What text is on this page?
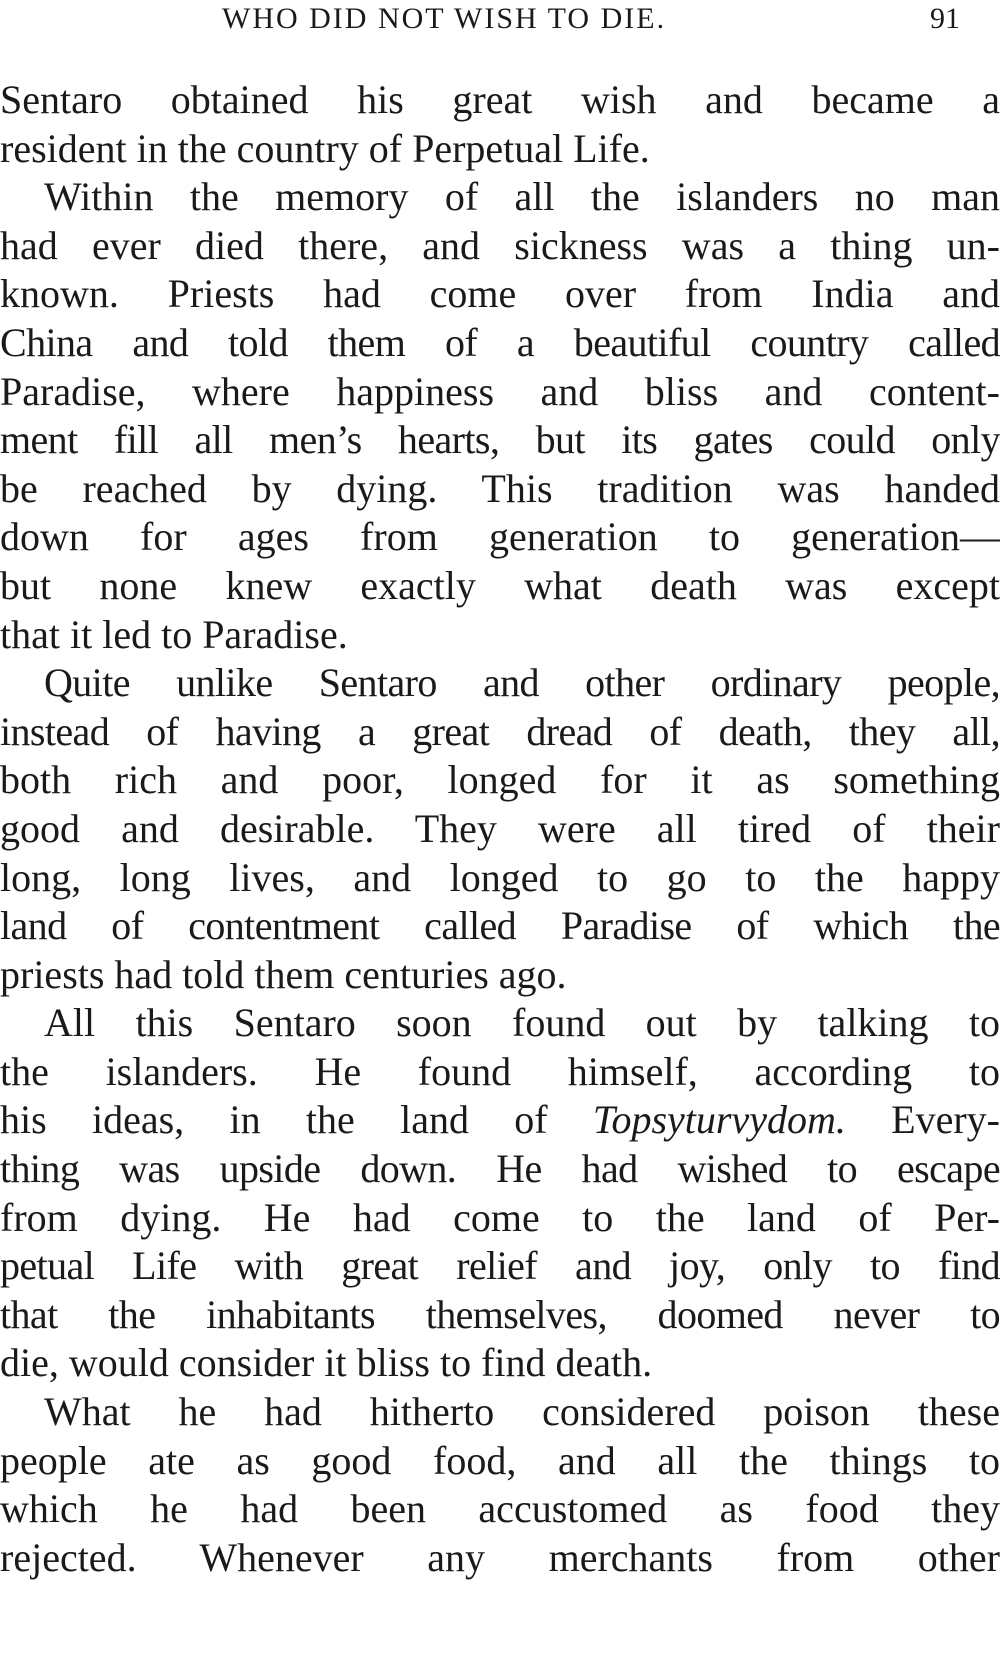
WHO DID NOT WISH TO DIE.	91
Sentaro obtained his great wish and became a
resident in the country of Perpetual Life.
Within the memory of all the islanders no man
had ever died there, and sickness was a thing un-
known. Priests had come over from India and
China and told them of a beautiful country called
Paradise, where happiness and bliss and content-
ment fill all men’s hearts, but its gates could only
be reached by dying. This tradition was handed
down for ages from generation to generation—
but none knew exactly what death was except
that it led to Paradise.
Quite unlike Sentaro and other ordinary people,
instead of having a great dread of death, they all,
both rich and poor, longed for it as something
good and desirable. They were all tired of their
long, long lives, and longed to go to the happy
land of contentment called Paradise of which the
priests had told them centuries ago.
All this Sentaro soon found out by talking to
the islanders. He found himself, according to
his ideas, in the land of Topsyturvydom. Every-
thing was upside down. He had wished to escape
from dying. He had come to the land of Per-
petual Life with great relief and joy, only to find
that the inhabitants themselves, doomed never to
die, would consider it bliss to find death.
What he had hitherto considered poison these
people ate as good food, and all the things to
which he had been accustomed as food they
rejected. Whenever any merchants from other
